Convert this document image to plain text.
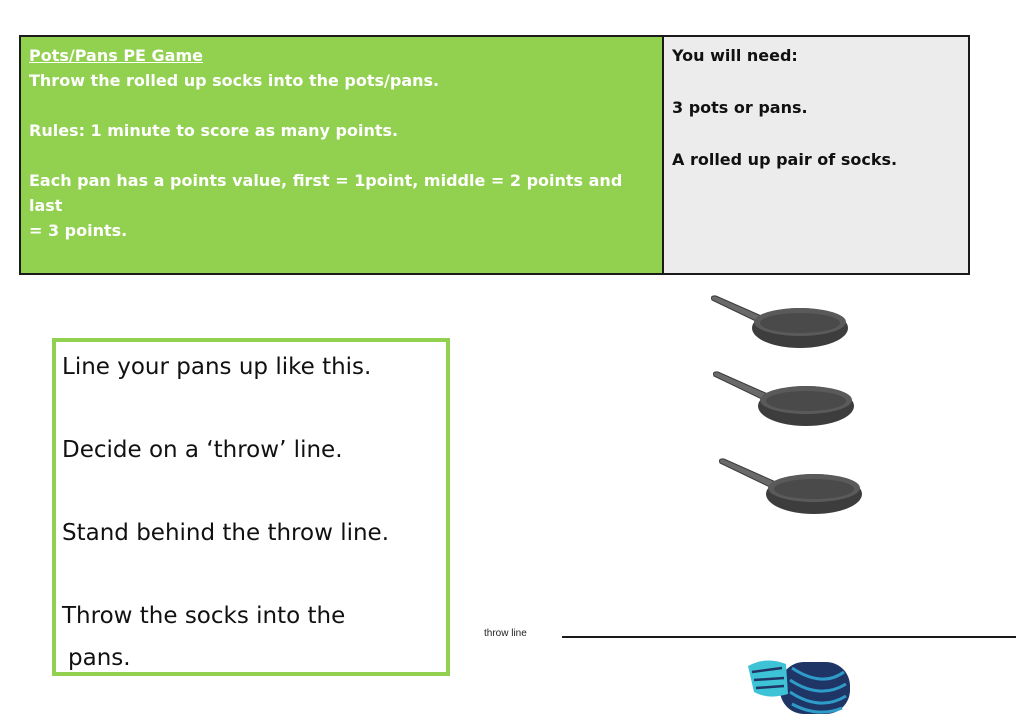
Pots/Pans PE Game
Throw the rolled up socks into the pots/pans.
Rules: 1 minute to score as many points.
Each pan has a points value, first = 1point, middle = 2 points and last
= 3 points.
You will need:
3 pots or pans.
A rolled up pair of socks.
Line your pans up like this.
Decide on a ‘throw’ line.
Stand behind the throw line.
Throw the socks into the
pans.
throw line
